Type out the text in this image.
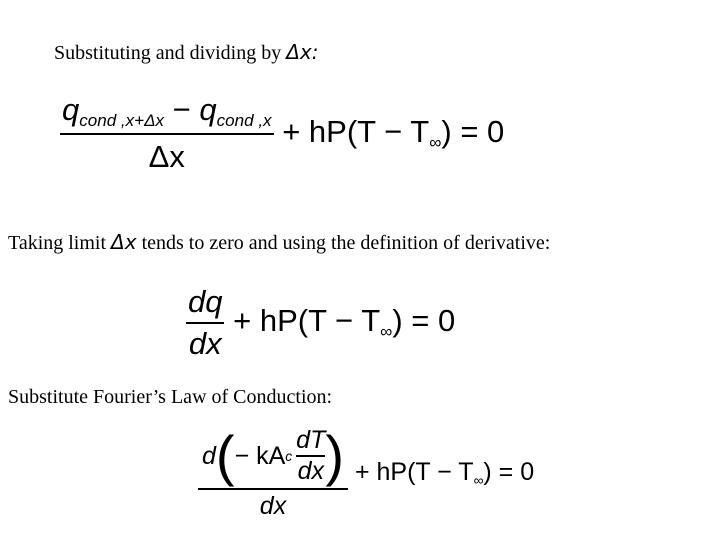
Substituting and dividing by Δx:
$\frac{q_{cond ,x+\Delta x} - q_{cond ,x}}{\Delta x} + hP(T - T_\infty) = 0$
Taking limit Δx tends to zero and using the definition of derivative:
$\frac{dq}{dx} + hP(T - T_\infty) = 0$
Substitute Fourier’s Law of Conduction:
d ( − kA c $\frac{dT}{dx}$ )
dx
+ $hP(T - T_\infty) = 0$
